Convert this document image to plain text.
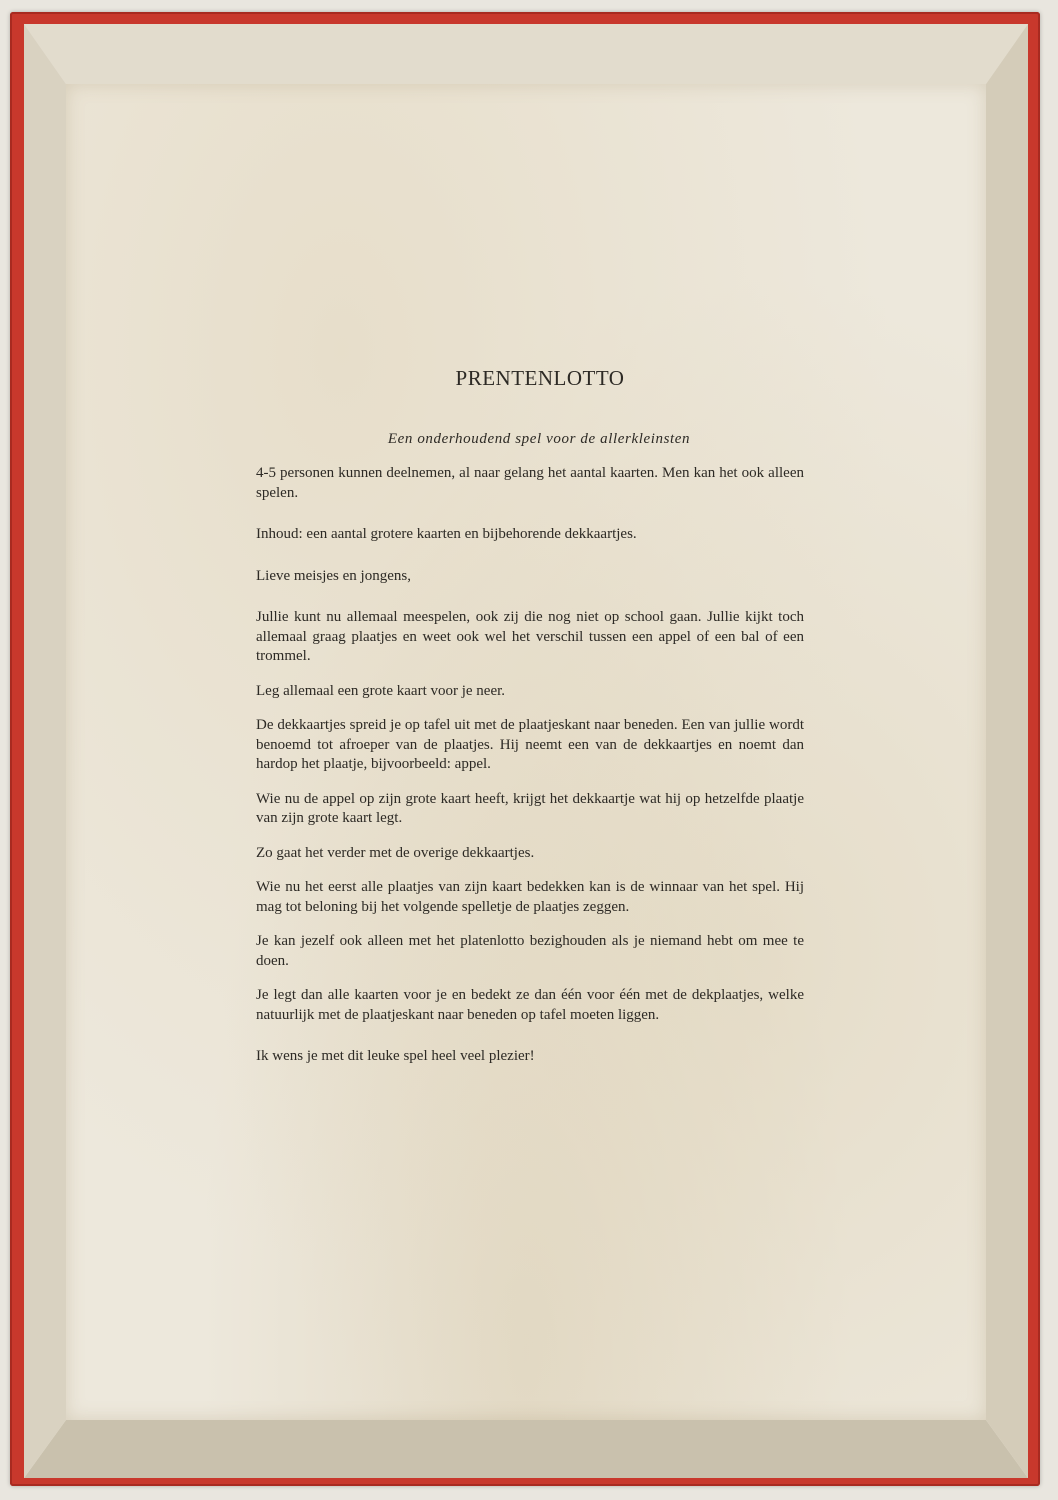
PRENTENLOTTO
Een onderhoudend spel voor de allerkleinsten

4-5 personen kunnen deelnemen, al naar gelang het aantal kaarten. Men kan het ook alleen spelen.

Inhoud: een aantal grotere kaarten en bijbehorende dekkaartjes.

Lieve meisjes en jongens,

Jullie kunt nu allemaal meespelen, ook zij die nog niet op school gaan. Jullie kijkt toch allemaal graag plaatjes en weet ook wel het verschil tussen een appel of een bal of een trommel.

Leg allemaal een grote kaart voor je neer.

De dekkaartjes spreid je op tafel uit met de plaatjeskant naar beneden. Een van jullie wordt benoemd tot afroeper van de plaatjes. Hij neemt een van de dekkaartjes en noemt dan hardop het plaatje, bijvoorbeeld: appel.

Wie nu de appel op zijn grote kaart heeft, krijgt het dekkaartje wat hij op hetzelfde plaatje van zijn grote kaart legt.

Zo gaat het verder met de overige dekkaartjes.

Wie nu het eerst alle plaatjes van zijn kaart bedekken kan is de winnaar van het spel. Hij mag tot beloning bij het volgende spelletje de plaatjes zeggen.

Je kan jezelf ook alleen met het platenlotto bezighouden als je niemand hebt om mee te doen.

Je legt dan alle kaarten voor je en bedekt ze dan één voor één met de dekplaatjes, welke natuurlijk met de plaatjeskant naar beneden op tafel moeten liggen.

Ik wens je met dit leuke spel heel veel plezier!
